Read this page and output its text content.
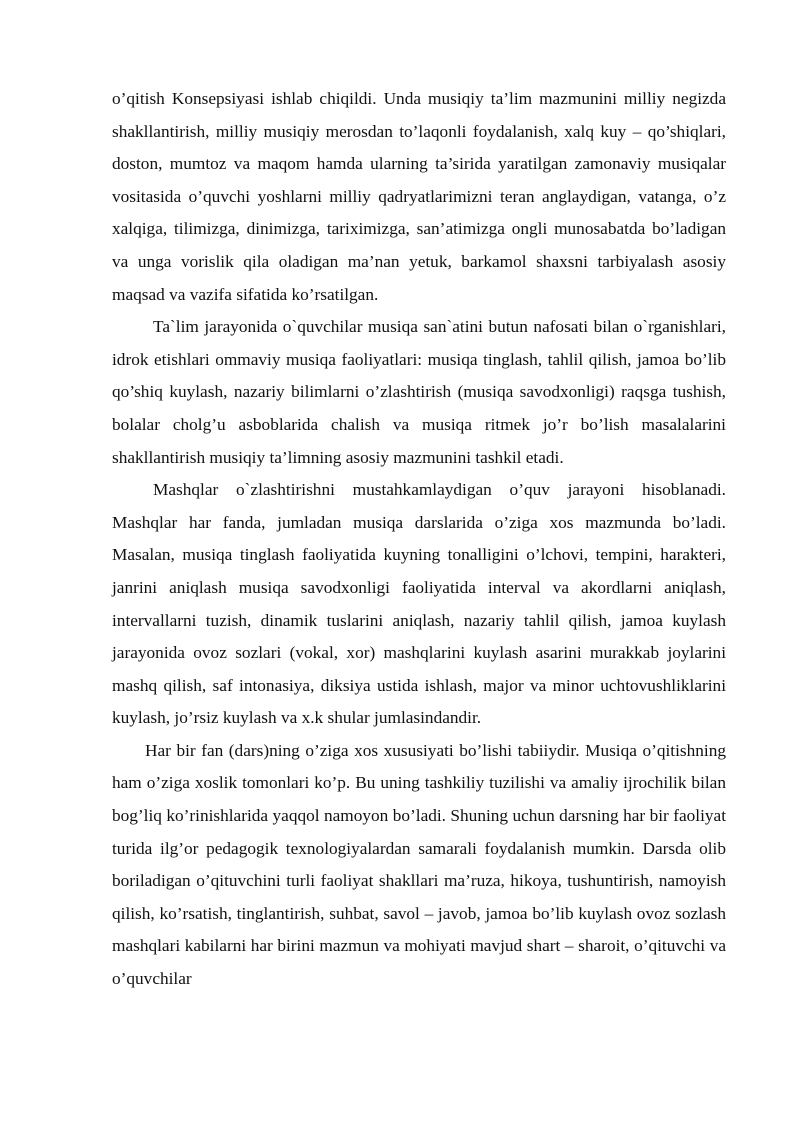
o’qitish Konsepsiyasi ishlab chiqildi. Unda musiqiy ta’lim mazmunini milliy negizda shakllantirish, milliy musiqiy merosdan to’laqonli foydalanish, xalq kuy – qo’shiqlari, doston, mumtoz va maqom hamda ularning ta’sirida yaratilgan zamonaviy musiqalar vositasida o’quvchi yoshlarni milliy qadryatlarimizni teran anglaydigan, vatanga, o’z xalqiga, tilimizga, dinimizga, tariximizga, san’atimizga ongli munosabatda bo’ladigan va unga vorislik qila oladigan ma’nan yetuk, barkamol shaxsni tarbiyalash asosiy maqsad va vazifa sifatida ko’rsatilgan.

Ta`lim jarayonida o`quvchilar musiqa san`atini butun nafosati bilan o`rganishlari, idrok etishlari ommaviy musiqa faoliyatlari: musiqa tinglash, tahlil qilish, jamoa bo’lib qo’shiq kuylash, nazariy bilimlarni o’zlashtirish (musiqa savodxonligi) raqsga tushish, bolalar cholg’u asboblarida chalish va musiqa ritmek jo’r bo’lish masalalarini shakllantirish musiqiy ta’limning asosiy mazmunini tashkil etadi.

Mashqlar o`zlashtirishni mustahkamlaydigan o’quv jarayoni hisoblanadi. Mashqlar har fanda, jumladan musiqa darslarida o’ziga xos mazmunda bo’ladi. Masalan, musiqa tinglash faoliyatida kuyning tonalligini o’lchovi, tempini, harakteri, janrini aniqlash musiqa savodxonligi faoliyatida interval va akordlarni aniqlash, intervallarni tuzish, dinamik tuslarini aniqlash, nazariy tahlil qilish, jamoa kuylash jarayonida ovoz sozlari (vokal, xor) mashqlarini kuylash asarini murakkab joylarini mashq qilish, saf intonasiya, diksiya ustida ishlash, major va minor uchtovushliklarini kuylash, jo’rsiz kuylash va x.k shular jumlasindandir.

Har bir fan (dars)ning o’ziga xos xususiyati bo’lishi tabiiydir. Musiqa o’qitishning ham o’ziga xoslik tomonlari ko’p. Bu uning tashkiliy tuzilishi va amaliy ijrochilik bilan bog’liq ko’rinishlarida yaqqol namoyon bo’ladi. Shuning uchun darsning har bir faoliyat turida ilg’or pedagogik texnologiyalardan samarali foydalanish mumkin. Darsda olib boriladigan o’qituvchini turli faoliyat shakllari ma’ruza, hikoya, tushuntirish, namoyish qilish, ko’rsatish, tinglantirish, suhbat, savol – javob, jamoa bo’lib kuylash ovoz sozlash mashqlari kabilarni har birini mazmun va mohiyati mavjud shart – sharoit, o’qituvchi va o’quvchilar
